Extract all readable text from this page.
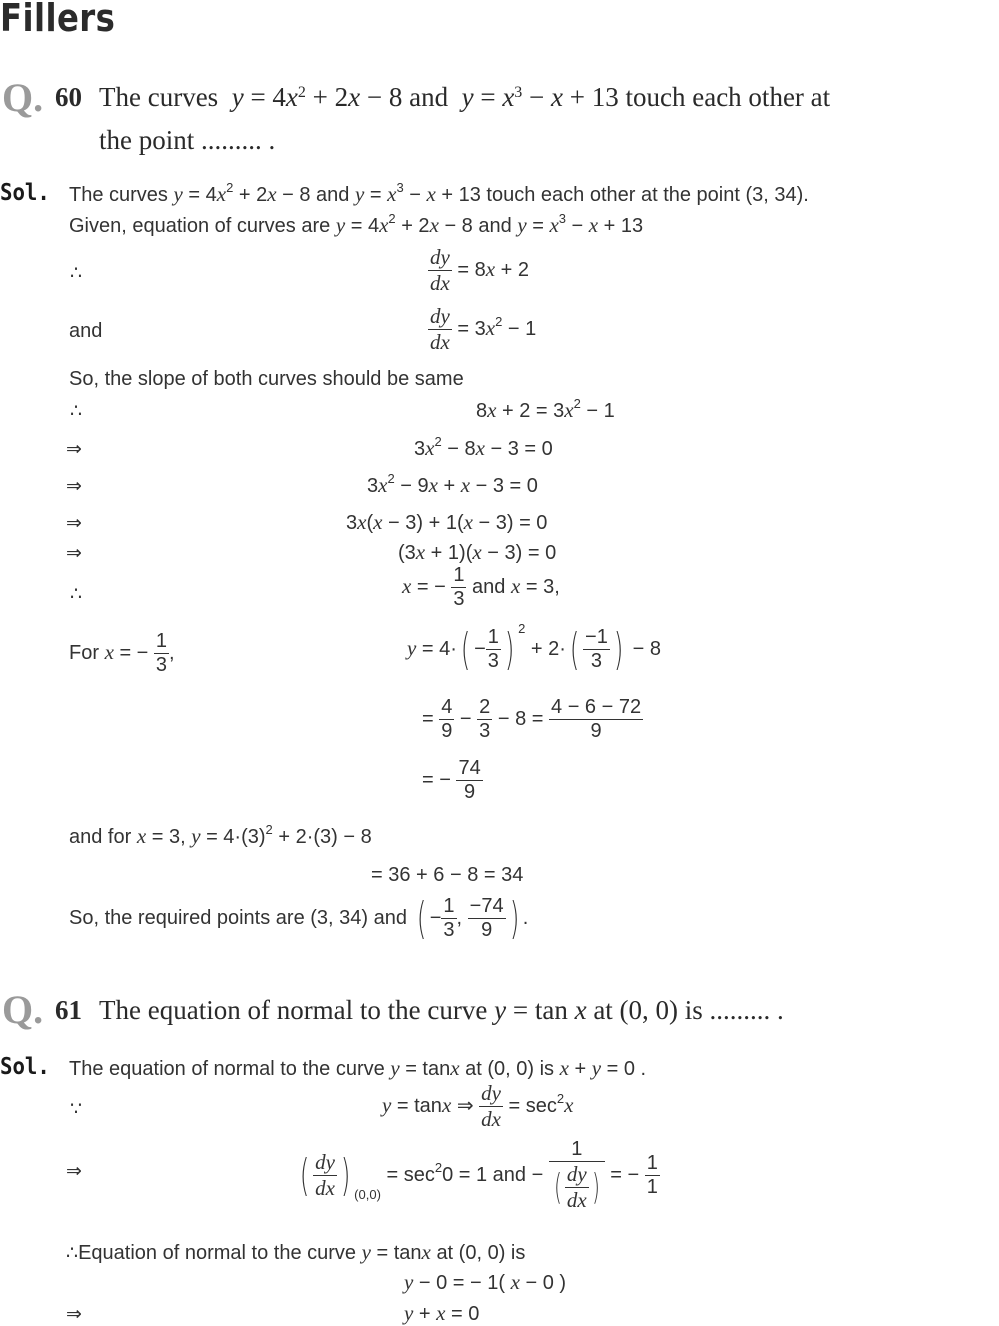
Fillers
Q. 60 The curves $y = 4x^2 + 2x - 8$ and $y = x^3 - x + 13$ touch each other at
the point ......... .
Sol. The curves $y = 4x^2 + 2x - 8$ and $y = x^3 - x + 13$ touch each other at the point (3, 34).
Given, equation of curves are $y = 4x^2 + 2x - 8$ and $y = x^3 - x + 13$
∴	$\frac{dy}{dx} = 8x + 2$
and	$\frac{dy}{dx} = 3x^2 - 1$
So, the slope of both curves should be same
∴	$8x + 2 = 3x^2 - 1$
⇒	$3x^2 - 8x - 3 = 0$
⇒	$3x^2 - 9x + x - 3 = 0$
⇒	3x(x − 3) + 1(x − 3) = 0
⇒	(3x + 1)(x − 3) = 0
∴	x = − $\frac{1}{3}$ and x = 3,
For x = − $\frac{1}{3}$ ,	$y = 4\cdot( - \frac{1}{3}$ ) $^2 + 2\cdot( \frac{-1}{3}$ ) − 8
= $\frac{4}{9} - \frac{2}{3} - 8 = \frac{4 - 6 - 72}{9}$
= − $\frac{74}{9}$
and for x = 3, $y = 4\cdot(3)^2 + 2\cdot(3) - 8$
= 36 + 6 − 8 = 34
So, the required points are (3, 34) and ( − $\frac{1}{3}$ , $\frac{-74}{9}$ ) .
Q. 61 The equation of normal to the curve y = tan x at (0, 0) is ......... .
Sol. The equation of normal to the curve y = tanx at (0, 0) is x + y = 0 .
∵	y = tanx ⇒ $\frac{dy}{dx} = \sec^2x$
⇒	( $\frac{dy}{dx}$ ) $_{(0,0)} = \sec^20 = 1$ and − $\frac{1}{( \frac{dy}{dx} )}$ = − $\frac{1}{1}$
∴Equation of normal to the curve y = tanx at (0, 0) is
y − 0 = − 1( x − 0 )
⇒	y + x = 0
